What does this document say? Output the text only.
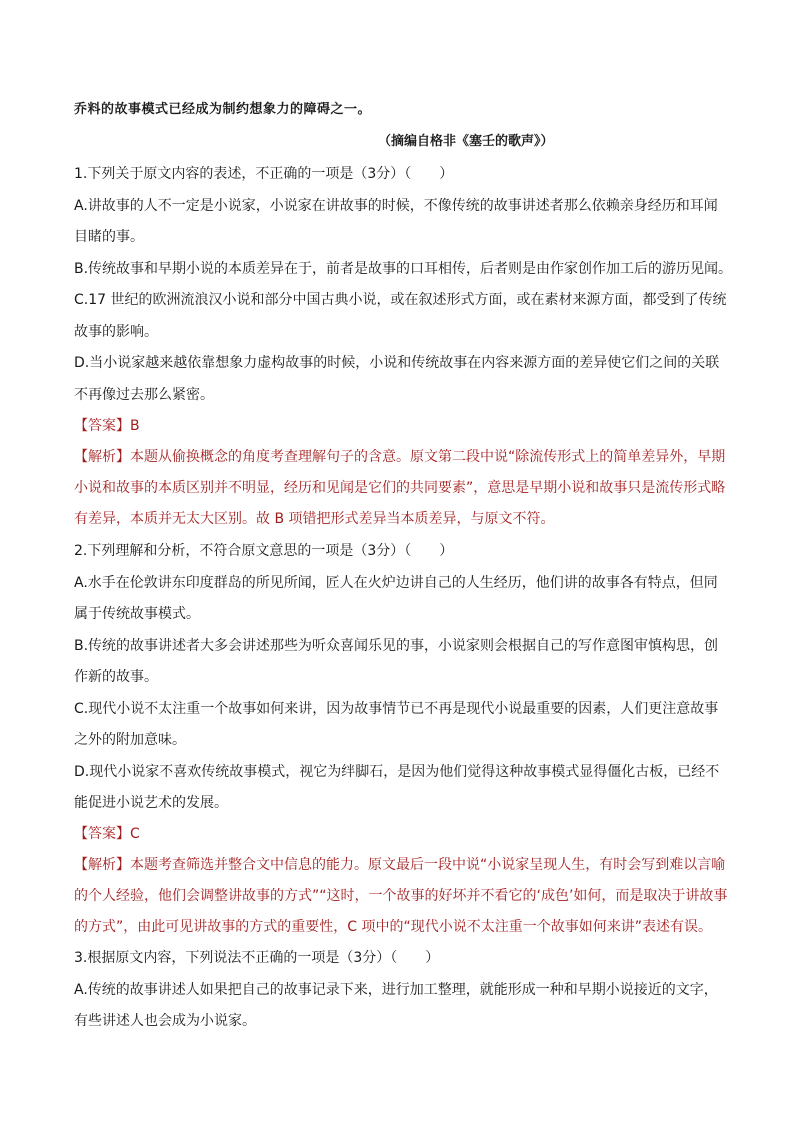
乔料的故事模式已经成为制约想象力的障碍之一。
（摘编自格非《塞壬的歌声》）
1.下列关于原文内容的表述，不正确的一项是（3分）（　　）
A.讲故事的人不一定是小说家，小说家在讲故事的时候，不像传统的故事讲述者那么依赖亲身经历和耳闻
目睹的事。
B.传统故事和早期小说的本质差异在于，前者是故事的口耳相传，后者则是由作家创作加工后的游历见闻。
C.17 世纪的欧洲流浪汉小说和部分中国古典小说，或在叙述形式方面，或在素材来源方面，都受到了传统
故事的影响。
D.当小说家越来越依靠想象力虚构故事的时候，小说和传统故事在内容来源方面的差异使它们之间的关联
不再像过去那么紧密。
【答案】B
【解析】本题从偷换概念的角度考查理解句子的含意。原文第二段中说“除流传形式上的简单差异外，早期
小说和故事的本质区别并不明显，经历和见闻是它们的共同要素”，意思是早期小说和故事只是流传形式略
有差异，本质并无太大区别。故 B 项错把形式差异当本质差异，与原文不符。
2.下列理解和分析，不符合原文意思的一项是（3分）（　　）
A.水手在伦敦讲东印度群岛的所见所闻，匠人在火炉边讲自己的人生经历，他们讲的故事各有特点，但同
属于传统故事模式。
B.传统的故事讲述者大多会讲述那些为听众喜闻乐见的事，小说家则会根据自己的写作意图审慎构思，创
作新的故事。
C.现代小说不太注重一个故事如何来讲，因为故事情节已不再是现代小说最重要的因素，人们更注意故事
之外的附加意味。
D.现代小说家不喜欢传统故事模式，视它为绊脚石，是因为他们觉得这种故事模式显得僵化古板，已经不
能促进小说艺术的发展。
【答案】C
【解析】本题考查筛选并整合文中信息的能力。原文最后一段中说“小说家呈现人生，有时会写到难以言喻
的个人经验，他们会调整讲故事的方式”“这时，一个故事的好坏并不看它的‘成色’如何，而是取决于讲故事
的方式”，由此可见讲故事的方式的重要性，C 项中的“现代小说不太注重一个故事如何来讲”表述有误。
3.根据原文内容，下列说法不正确的一项是（3分）（　　）
A.传统的故事讲述人如果把自己的故事记录下来，进行加工整理，就能形成一种和早期小说接近的文字，
有些讲述人也会成为小说家。
